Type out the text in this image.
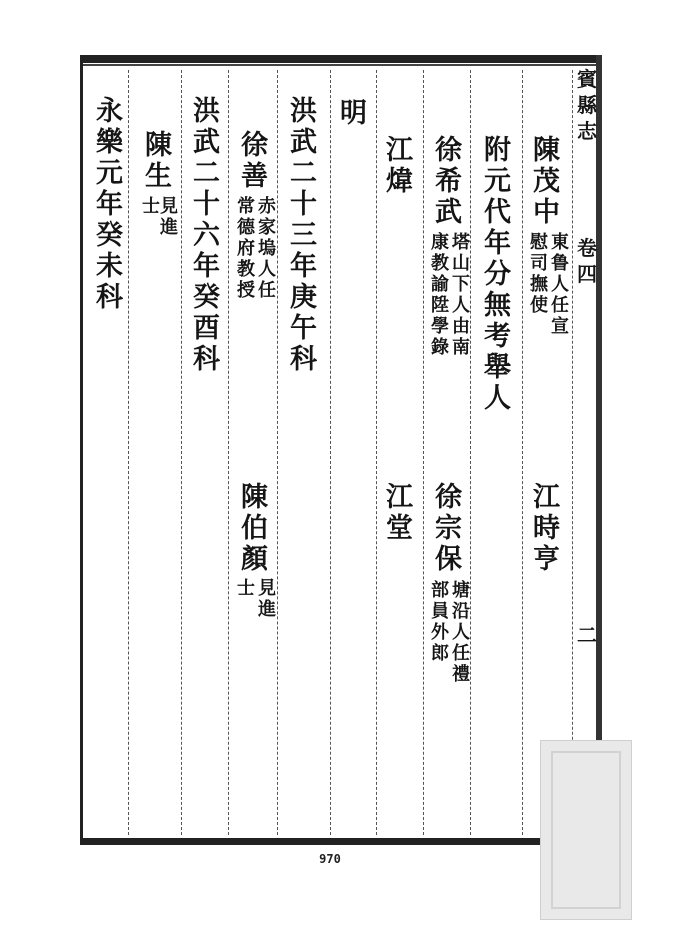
賓
縣
志
卷
四
二
陳
茂
中
東
鲁
人
任
宣
慰
司
撫
使
附
元
代
年
分
無
考
舉
人
徐
希
武
塔
山
下
人
由
南
康
教
諭
陞
學
錄
江
煒
明
洪
武
二
十
三
年
庚
午
科
徐
善
赤
家
塢
人
任
常
德
府
教
授
洪
武
二
十
六
年
癸
酉
科
陳
生
見
進
士
永
樂
元
年
癸
未
科
江
時
亨
徐
宗
保
塘
沿
人
任
禮
部
員
外
郎
江
堂
陳
伯
顏
見
進
士
970
